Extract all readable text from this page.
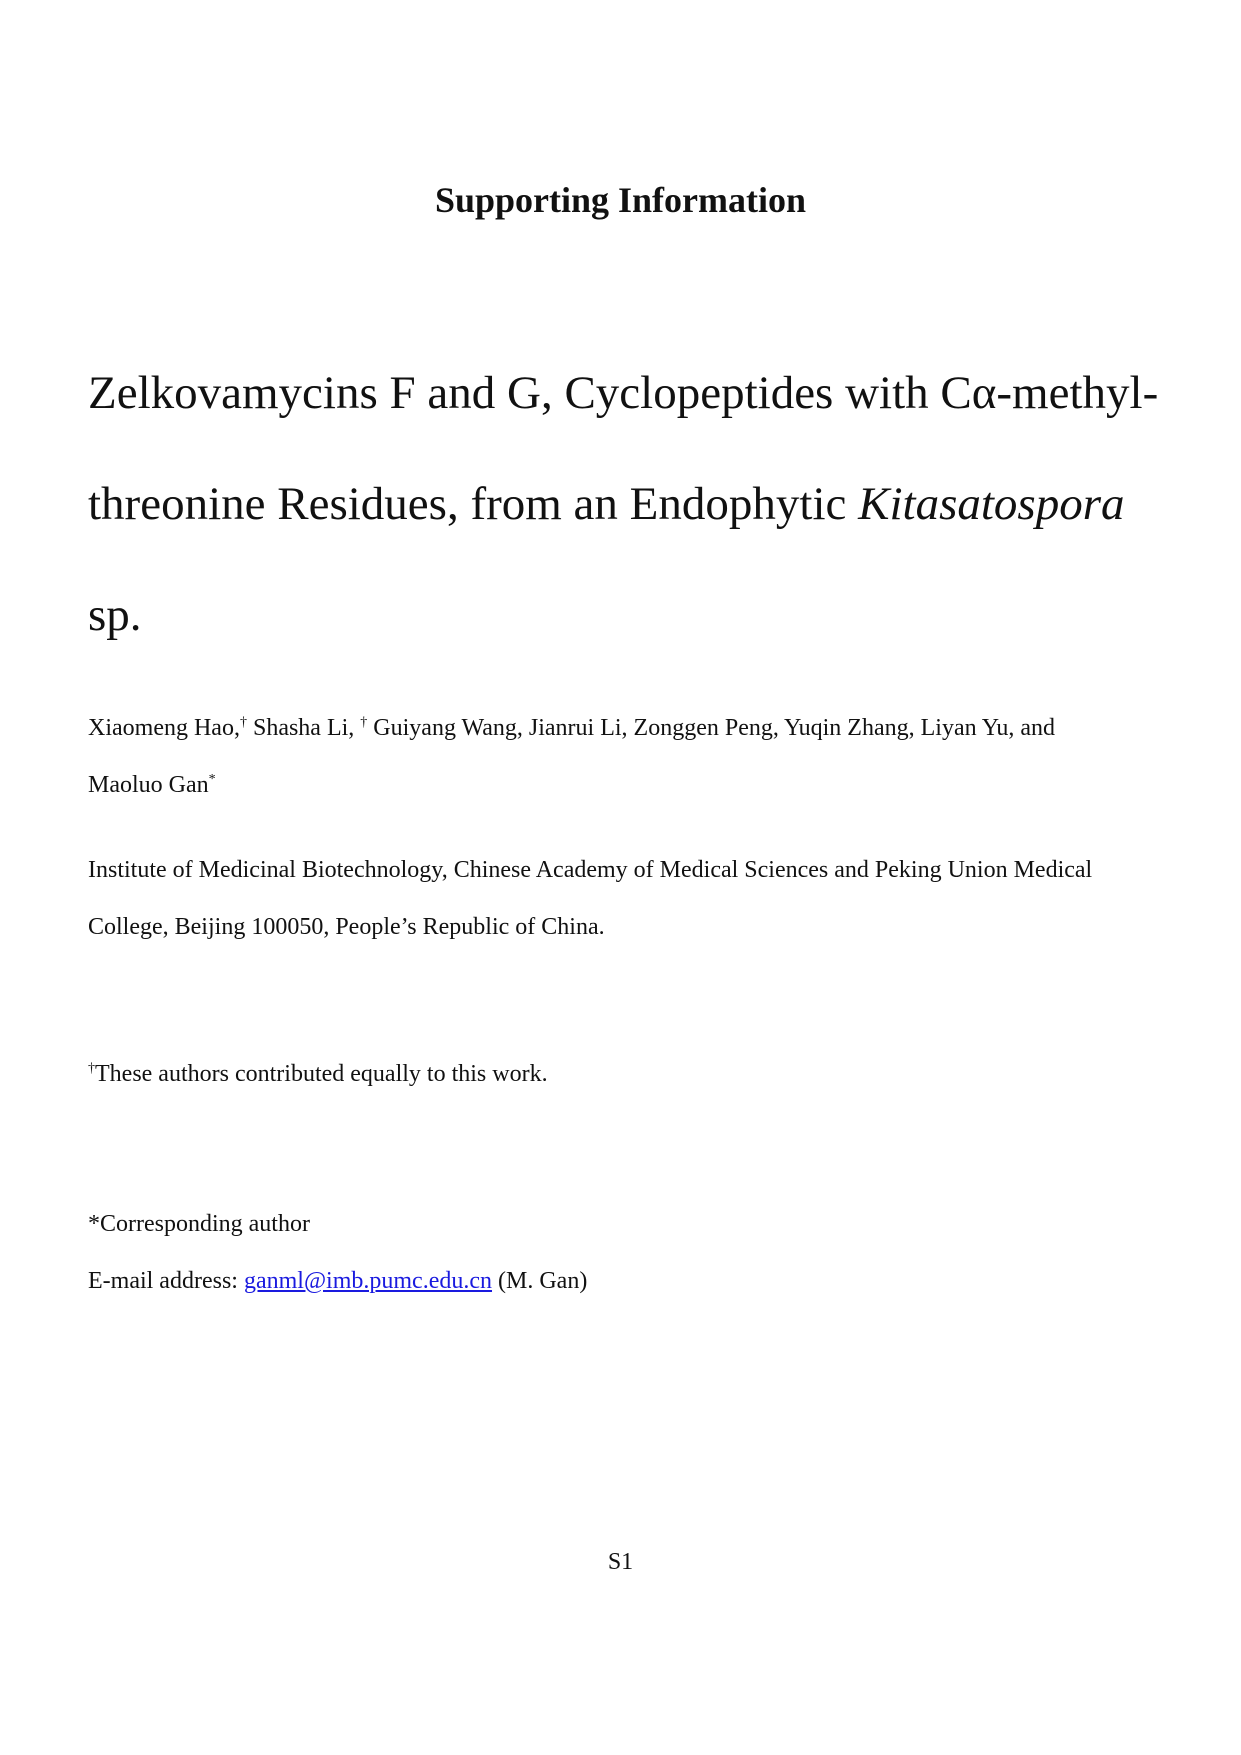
Supporting Information
Zelkovamycins F and G, Cyclopeptides with Cα-methyl-
threonine Residues, from an Endophytic Kitasatospora
sp.
Xiaomeng Hao,† Shasha Li, † Guiyang Wang, Jianrui Li, Zonggen Peng, Yuqin Zhang, Liyan Yu, and
Maoluo Gan*
Institute of Medicinal Biotechnology, Chinese Academy of Medical Sciences and Peking Union Medical
College, Beijing 100050, People’s Republic of China.
†These authors contributed equally to this work.
*Corresponding author
E-mail address: ganml@imb.pumc.edu.cn (M. Gan)
S1
